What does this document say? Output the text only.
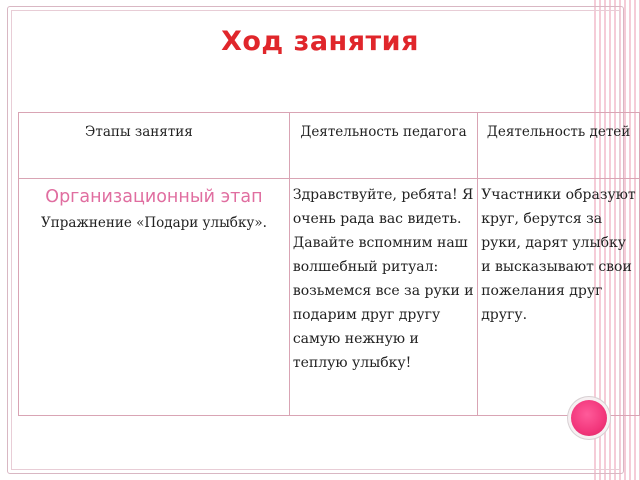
Ход занятия
Этапы занятия	Деятельность педагога	Деятельность детей

Организационный этап
Упражнение «Подари улыбку».	Здравствуйте, ребята! Я очень рада вас видеть. Давайте вспомним наш волшебный ритуал: возьмемся все за руки и подарим друг другу самую нежную и теплую улыбку!	Участники образуют круг, берутся за руки, дарят улыбку и высказывают свои пожелания друг другу.
